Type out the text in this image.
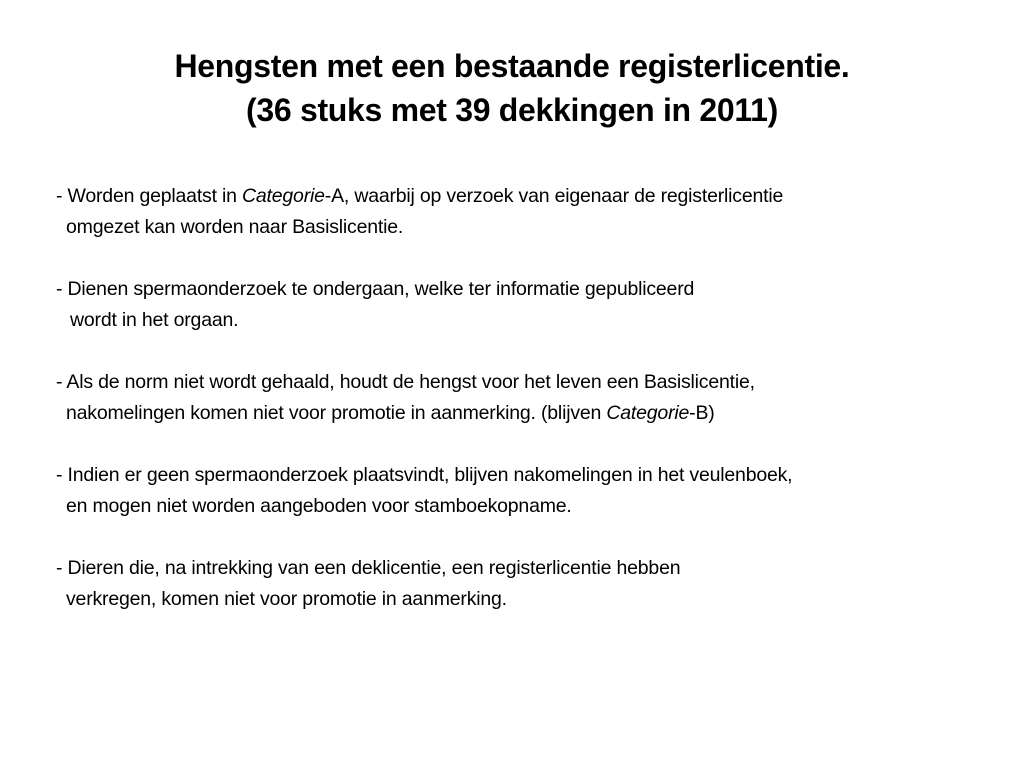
Hengsten met een bestaande registerlicentie.
(36 stuks met 39 dekkingen in 2011)
- Worden geplaatst in Categorie-A, waarbij op verzoek van eigenaar de registerlicentie
omgezet kan worden naar Basislicentie.
- Dienen spermaonderzoek te ondergaan, welke ter informatie gepubliceerd
wordt in het orgaan.
- Als de norm niet wordt gehaald, houdt de hengst voor het leven een Basislicentie,
nakomelingen komen niet voor promotie in aanmerking. (blijven Categorie-B)
- Indien er geen spermaonderzoek plaatsvindt, blijven nakomelingen in het veulenboek,
en mogen niet worden aangeboden voor stamboekopname.
- Dieren die, na intrekking van een deklicentie, een registerlicentie hebben
verkregen, komen niet voor promotie in aanmerking.
